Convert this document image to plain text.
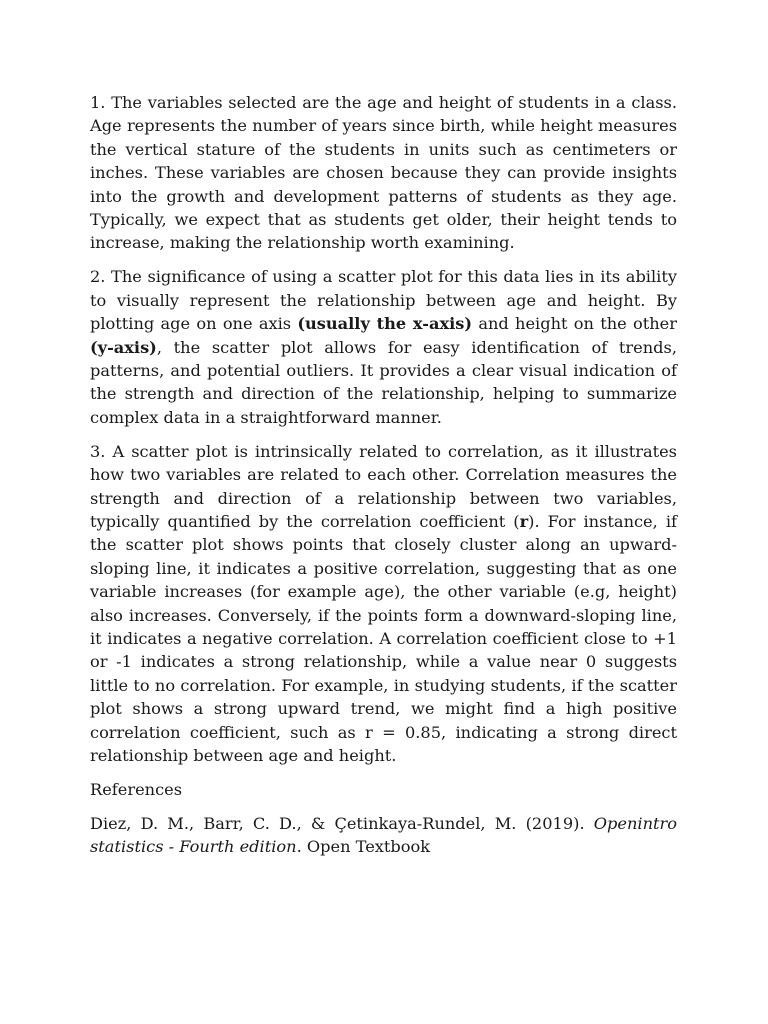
1. The variables selected are the age and height of students in a class. Age represents the number of years since birth, while height measures the vertical stature of the students in units such as centimeters or inches. These variables are chosen because they can provide insights into the growth and development patterns of students as they age. Typically, we expect that as students get older, their height tends to increase, making the relationship worth examining.

2. The significance of using a scatter plot for this data lies in its ability to visually represent the relationship between age and height. By plotting age on one axis (usually the x-axis) and height on the other (y-axis), the scatter plot allows for easy identification of trends, patterns, and potential outliers. It provides a clear visual indication of the strength and direction of the relationship, helping to summarize complex data in a straightforward manner.

3. A scatter plot is intrinsically related to correlation, as it illustrates how two variables are related to each other. Correlation measures the strength and direction of a relationship between two variables, typically quantified by the correlation coefficient (r). For instance, if the scatter plot shows points that closely cluster along an upward-sloping line, it indicates a positive correlation, suggesting that as one variable increases (for example age), the other variable (e.g, height) also increases. Conversely, if the points form a downward-sloping line, it indicates a negative correlation. A correlation coefficient close to +1 or -1 indicates a strong relationship, while a value near 0 suggests little to no correlation. For example, in studying students, if the scatter plot shows a strong upward trend, we might find a high positive correlation coefficient, such as r = 0.85, indicating a strong direct relationship between age and height.

References

Diez, D. M., Barr, C. D., & Çetinkaya-Rundel, M. (2019). Openintro statistics - Fourth edition. Open Textbook
